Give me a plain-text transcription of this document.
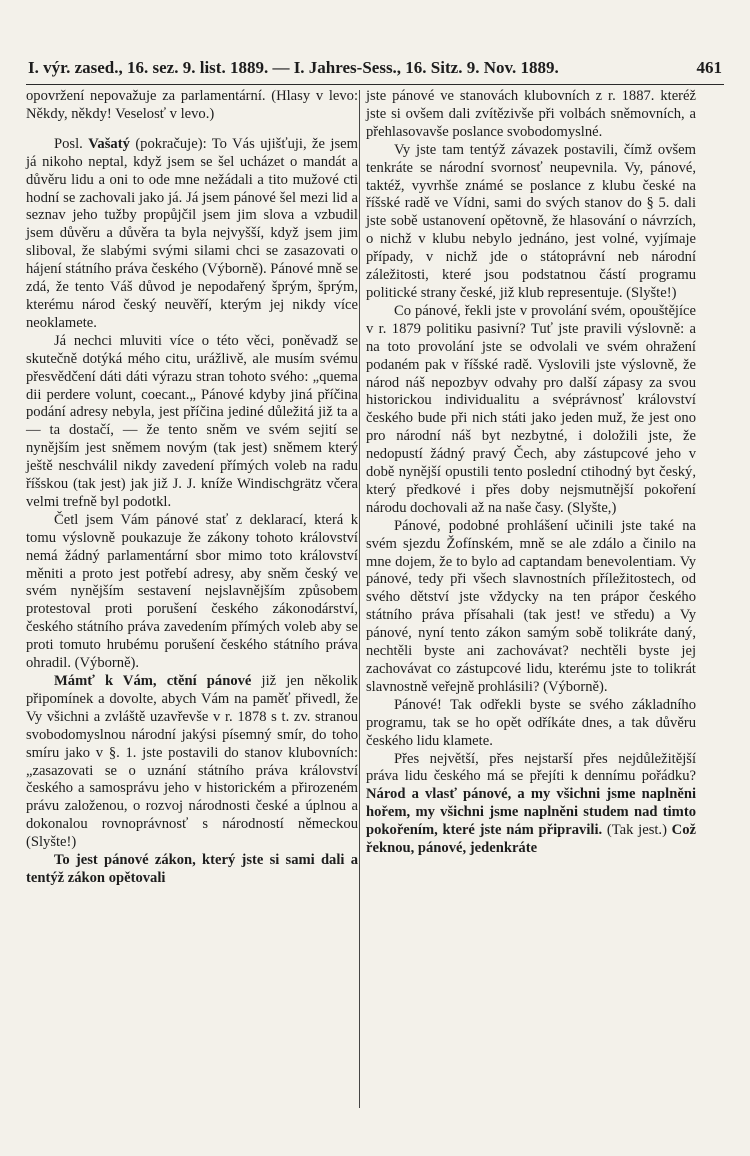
I. výr. zased., 16. sez. 9. list. 1889. — I. Jahres-Sess., 16. Sitz. 9. Nov. 1889.	461

opovržení nepovažuje za parlamentární. (Hlasy v levo: Někdy, někdy! Veselosť v levo.)

Posl. Vašatý (pokračuje): To Vás ujišťuji, že jsem já nikoho neptal, když jsem se šel ucházet o mandát a důvěru lidu a oni to ode mne nežádali a tito mužové cti hodní se zachovali jako já. Já jsem pánové šel mezi lid a seznav jeho tužby propůjčil jsem jim slova a vzbudil jsem důvěru a důvěra ta byla nejvyšší, když jsem jim sliboval, že slabými svými silami chci se zasazovati o hájení státního práva českého (Výborně). Pánové mně se zdá, že tento Váš důvod je nepodařený šprým, šprým, kterému národ český neuvěří, kterým jej nikdy více neoklamete.

Já nechci mluviti více o této věci, poněvadž se skutečně dotýká mého citu, urážlivě, ale musím svému přesvědčení dáti dáti výrazu stran tohoto svého: „quema dii perdere volunt, coecant.„ Pánové kdyby jiná příčina podání adresy nebyla, jest příčina jediné důležitá již ta a — ta dostačí, — že tento sněm ve svém sejití se nynějším jest sněmem novým (tak jest) sněmem který ještě neschválil nikdy zavedení přímých voleb na radu říšskou (tak jest) jak již J. J. kníže Windischgrätz včera velmi trefně byl podotkl.

Četl jsem Vám pánové stať z deklarací, která k tomu výslovně poukazuje že zákony tohoto království nemá žádný parlamentární sbor mimo toto království měniti a proto jest potřebí adresy, aby sněm český ve svém nynějším sestavení nejslavnějším způsobem protestoval proti porušení českého zákonodárství, českého státního práva zavedením přímých voleb aby se proti tomuto hrubému porušení českého státního práva ohradil. (Výborně).

Mámť k Vám, ctění pánové již jen několik připomínek a dovolte, abych Vám na paměť přivedl, že Vy všichni a zvláště uzavřevše v r. 1878 s t. zv. stranou svobodomyslnou národní jakýsi písemný smír, do toho smíru jako v §. 1. jste postavili do stanov klubovních: „zasazovati se o uznání státního práva království českého a samosprávu jeho v historickém a přirozeném právu založenou, o rozvoj národnosti české a úplnou a dokonalou rovnoprávnosť s národností německou (Slyšte!)

To jest pánové zákon, který jste si sami dali a tentýž zákon opětovali

jste pánové ve stanovách klubovních z r. 1887. kteréž jste si ovšem dali zvítězivše při volbách sněmovních, a přehlasovavše poslance svobodomyslné.

Vy jste tam tentýž závazek postavili, čímž ovšem tenkráte se národní svornosť neupevnila. Vy, pánové, taktéž, vyvrhše známé se poslance z klubu české na říšské radě ve Vídni, sami do svých stanov do § 5. dali jste sobě ustanovení opětovně, že hlasování o návrzích, o nichž v klubu nebylo jednáno, jest volné, vyjímaje případy, v nichž jde o státoprávní neb národní záležitosti, které jsou podstatnou částí programu politické strany české, již klub representuje. (Slyšte!)

Co pánové, řekli jste v provolání svém, opouštějíce v r. 1879 politiku pasivní? Tuť jste pravili výslovně: a na toto provolání jste se odvolali ve svém ohražení podaném pak v říšské radě. Vyslovili jste výslovně, že národ náš nepozbyv odvahy pro další zápasy za svou historickou individualitu a svéprávnosť království českého bude při nich státi jako jeden muž, že jest ono pro národní náš byt nezbytné, i doložili jste, že nedopustí žádný pravý Čech, aby zástupcové jeho v době nynější opustili tento poslední ctihodný byt český, který předkové i přes doby nejsmutnější pokoření národu dochovali až na naše časy. (Slyšte,)

Pánové, podobné prohlášení učinili jste také na svém sjezdu Žofínském, mně se ale zdálo a činilo na mne dojem, že to bylo ad captandam benevolentiam. Vy pánové, tedy při všech slavnostních příležitostech, od svého dětství jste vždycky na ten prápor českého státního práva přísahali (tak jest! ve středu) a Vy pánové, nyní tento zákon samým sobě tolikráte daný, nechtěli byste ani zachovávat? nechtěli byste jej zachovávat co zástupcové lidu, kterému jste to tolikrát slavnostně veřejně prohlásili? (Výborně).

Pánové! Tak odřekli byste se svého základního programu, tak se ho opět odříkáte dnes, a tak důvěru českého lidu klamete.

Přes největší, přes nejstarší přes nejdůležitější práva lidu českého má se přejíti k dennímu pořádku? Národ a vlasť pánové, a my všichni jsme naplněni hořem, my všichni jsme naplněni studem nad timto pokořením, které jste nám připravili. (Tak jest.) Což řeknou, pánové, jedenkráte
